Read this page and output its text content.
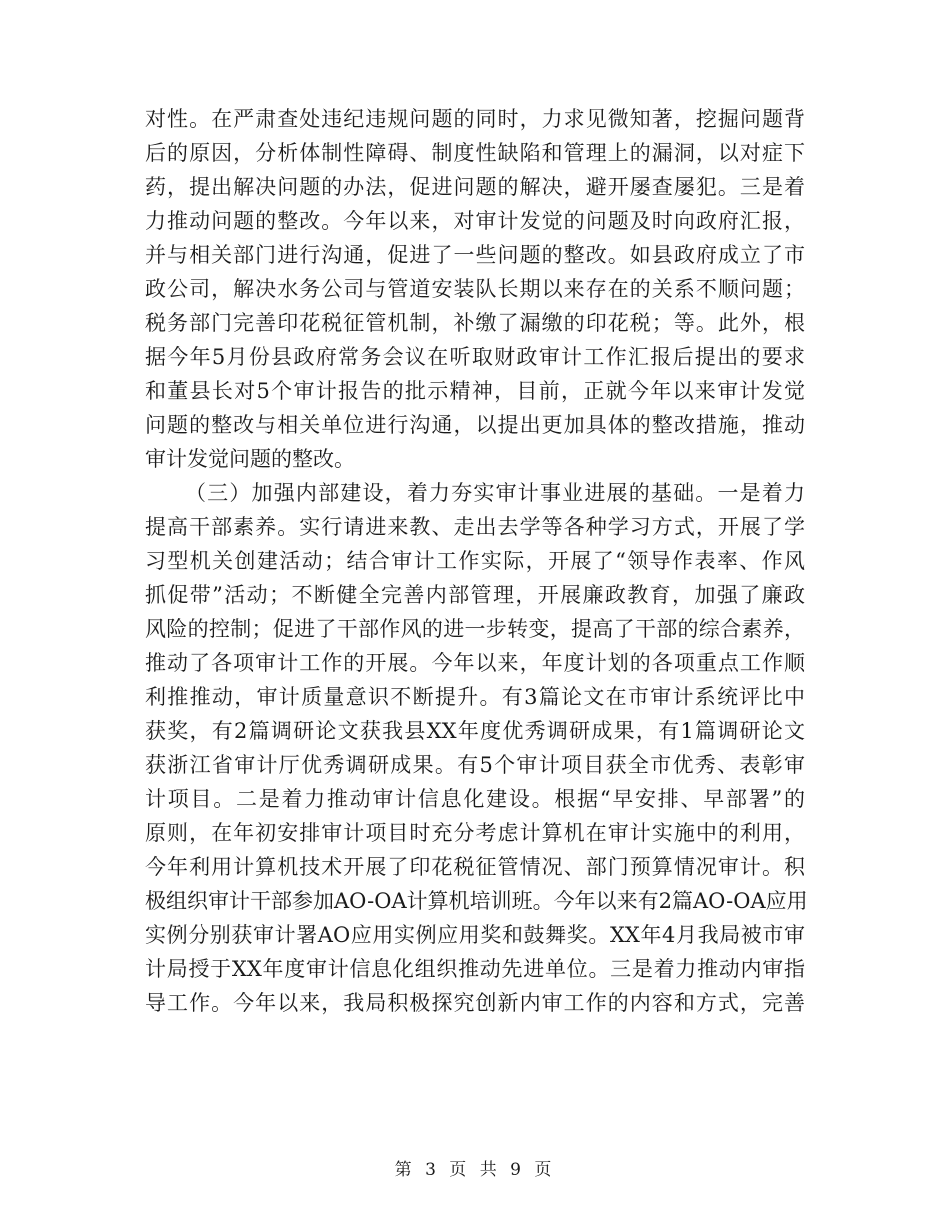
对性。在严肃查处违纪违规问题的同时，力求见微知著，挖掘问题背
后的原因，分析体制性障碍、制度性缺陷和管理上的漏洞，以对症下
药，提出解决问题的办法，促进问题的解决，避开屡查屡犯。三是着
力推动问题的整改。今年以来，对审计发觉的问题及时向政府汇报，
并与相关部门进行沟通，促进了一些问题的整改。如县政府成立了市
政公司，解决水务公司与管道安装队长期以来存在的关系不顺问题；
税务部门完善印花税征管机制，补缴了漏缴的印花税；等。此外，根
据今年5月份县政府常务会议在听取财政审计工作汇报后提出的要求
和董县长对5个审计报告的批示精神，目前，正就今年以来审计发觉
问题的整改与相关单位进行沟通，以提出更加具体的整改措施，推动
审计发觉问题的整改。
（三）加强内部建设，着力夯实审计事业进展的基础。一是着力
提高干部素养。实行请进来教、走出去学等各种学习方式，开展了学
习型机关创建活动；结合审计工作实际，开展了“领导作表率、作风
抓促带”活动；不断健全完善内部管理，开展廉政教育，加强了廉政
风险的控制；促进了干部作风的进一步转变，提高了干部的综合素养，
推动了各项审计工作的开展。今年以来，年度计划的各项重点工作顺
利推推动，审计质量意识不断提升。有3篇论文在市审计系统评比中
获奖，有2篇调研论文获我县XX年度优秀调研成果，有1篇调研论文
获浙江省审计厅优秀调研成果。有5个审计项目获全市优秀、表彰审
计项目。二是着力推动审计信息化建设。根据“早安排、早部署”的
原则，在年初安排审计项目时充分考虑计算机在审计实施中的利用，
今年利用计算机技术开展了印花税征管情况、部门预算情况审计。积
极组织审计干部参加AO-OA计算机培训班。今年以来有2篇AO-OA应用
实例分别获审计署AO应用实例应用奖和鼓舞奖。XX年4月我局被市审
计局授于XX年度审计信息化组织推动先进单位。三是着力推动内审指
导工作。今年以来，我局积极探究创新内审工作的内容和方式，完善
第 3 页 共 9 页
